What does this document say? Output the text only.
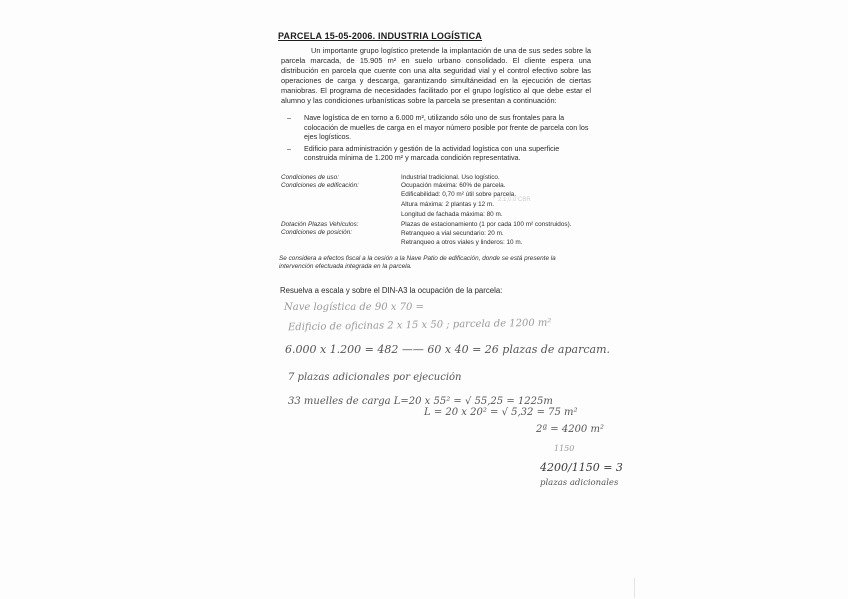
PARCELA 15-05-2006. INDUSTRIA LOGÍSTICA
Un importante grupo logístico pretende la implantación de una de sus sedes sobre la parcela marcada, de 15.905 m² en suelo urbano consolidado. El cliente espera una distribución en parcela que cuente con una alta seguridad vial y el control efectivo sobre las operaciones de carga y descarga, garantizando simultáneidad en la ejecución de ciertas maniobras. El programa de necesidades facilitado por el grupo logístico al que debe estar el alumno y las condiciones urbanísticas sobre la parcela se presentan a continuación:
– Nave logística de en torno a 6.000 m², utilizando sólo uno de sus frontales para la colocación de muelles de carga en el mayor número posible por frente de parcela con los ejes logísticos.
– Edificio para administración y gestión de la actividad logística con una superficie construida mínima de 1.200 m² y marcada condición representativa.
Condiciones de uso:	Industrial tradicional. Uso logístico.
Condiciones de edificación:	Ocupación máxima: 60% de parcela.
Edificabilidad: 0,70 m² útil sobre parcela.
Altura máxima: 2 plantas y 12 m.
Longitud de fachada máxima: 80 m.
Dotación Plazas Vehículos:	Plazas de estacionamiento (1 por cada 100 m² construidos).
Condiciones de posición:	Retranqueo a vial secundario: 20 m.
Retranqueo a otros viales y linderos: 10 m.
2.1,0.0 CBR
Se considera a efectos fiscal a la cesión a la Nave Patio de edificación, donde se está presente la intervención efectuada integrada en la parcela.
Resuelva a escala y sobre el DIN-A3 la ocupación de la parcela:
Nave logística de 90 x 70 =
Edificio de oficinas 2 x 15 x 50 ; parcela de 1200 m²
6.000 x 1.200 = 482 —— 60 x 40 = 26 plazas de aparcam.
7 plazas adicionales por ejecución
33 muelles de carga L=20 x 55² = √ 55,25 = 1225m
L = 20 x 20² = √ 5,32 = 75 m²
2ª = 4200 m²
1150
4200/1150 = 3
plazas adicionales
